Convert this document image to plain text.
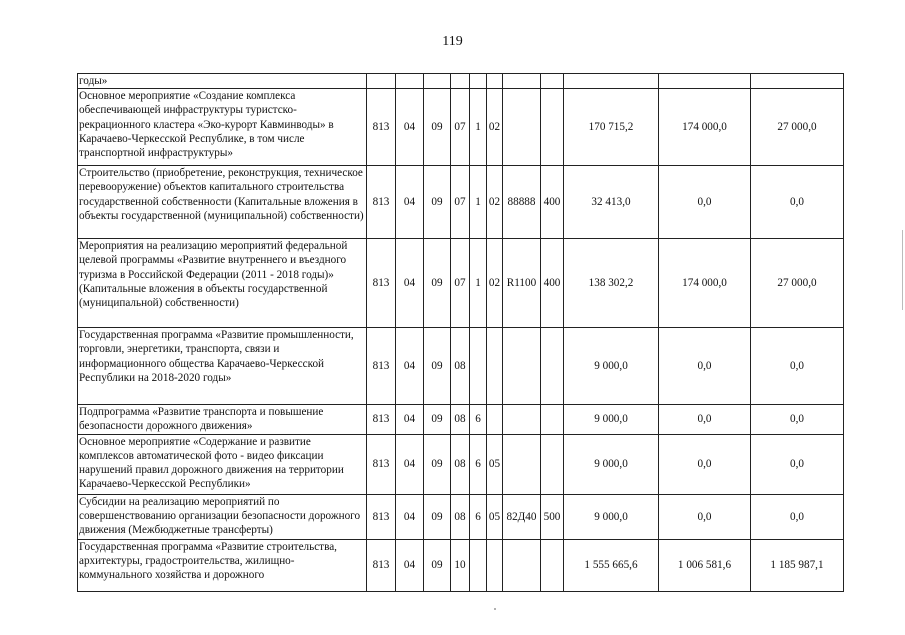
119
годы»											
Основное мероприятие «Создание комплекса обеспечивающей инфраструктуры туристско-рекрационного кластера «Эко-курорт Кавминводы» в Карачаево-Черкесской Республике, в том числе транспортной инфраструктуры»	813	04	09	07	1	02			170 715,2	174 000,0	27 000,0
Строительство (приобретение, реконструкция, техническое перевооружение) объектов капитального строительства государственной собственности (Капитальные вложения в объекты государственной (муниципальной) собственности)	813	04	09	07	1	02	88888	400	32 413,0	0,0	0,0
Мероприятия на реализацию мероприятий федеральной целевой программы «Развитие внутреннего и въездного туризма в Российской Федерации (2011 - 2018 годы)» (Капитальные вложения в объекты государственной (муниципальной) собственности)	813	04	09	07	1	02	R1100	400	138 302,2	174 000,0	27 000,0
Государственная программа «Развитие промышленности, торговли, энергетики, транспорта, связи и информационного общества Карачаево-Черкесской Республики на 2018-2020 годы»	813	04	09	08					9 000,0	0,0	0,0
Подпрограмма «Развитие транспорта и повышение безопасности дорожного движения»	813	04	09	08	6				9 000,0	0,0	0,0
Основное мероприятие «Содержание и развитие комплексов автоматической фото - видео фиксации нарушений правил дорожного движения на территории Карачаево-Черкесской Республики»	813	04	09	08	6	05			9 000,0	0,0	0,0
Субсидии на реализацию мероприятий по совершенствованию организации безопасности дорожного движения (Межбюджетные трансферты)	813	04	09	08	6	05	82Д40	500	9 000,0	0,0	0,0
Государственная программа «Развитие строительства, архитектуры, градостроительства, жилищно-коммунального хозяйства и дорожного	813	04	09	10					1 555 665,6	1 006 581,6	1 185 987,1
